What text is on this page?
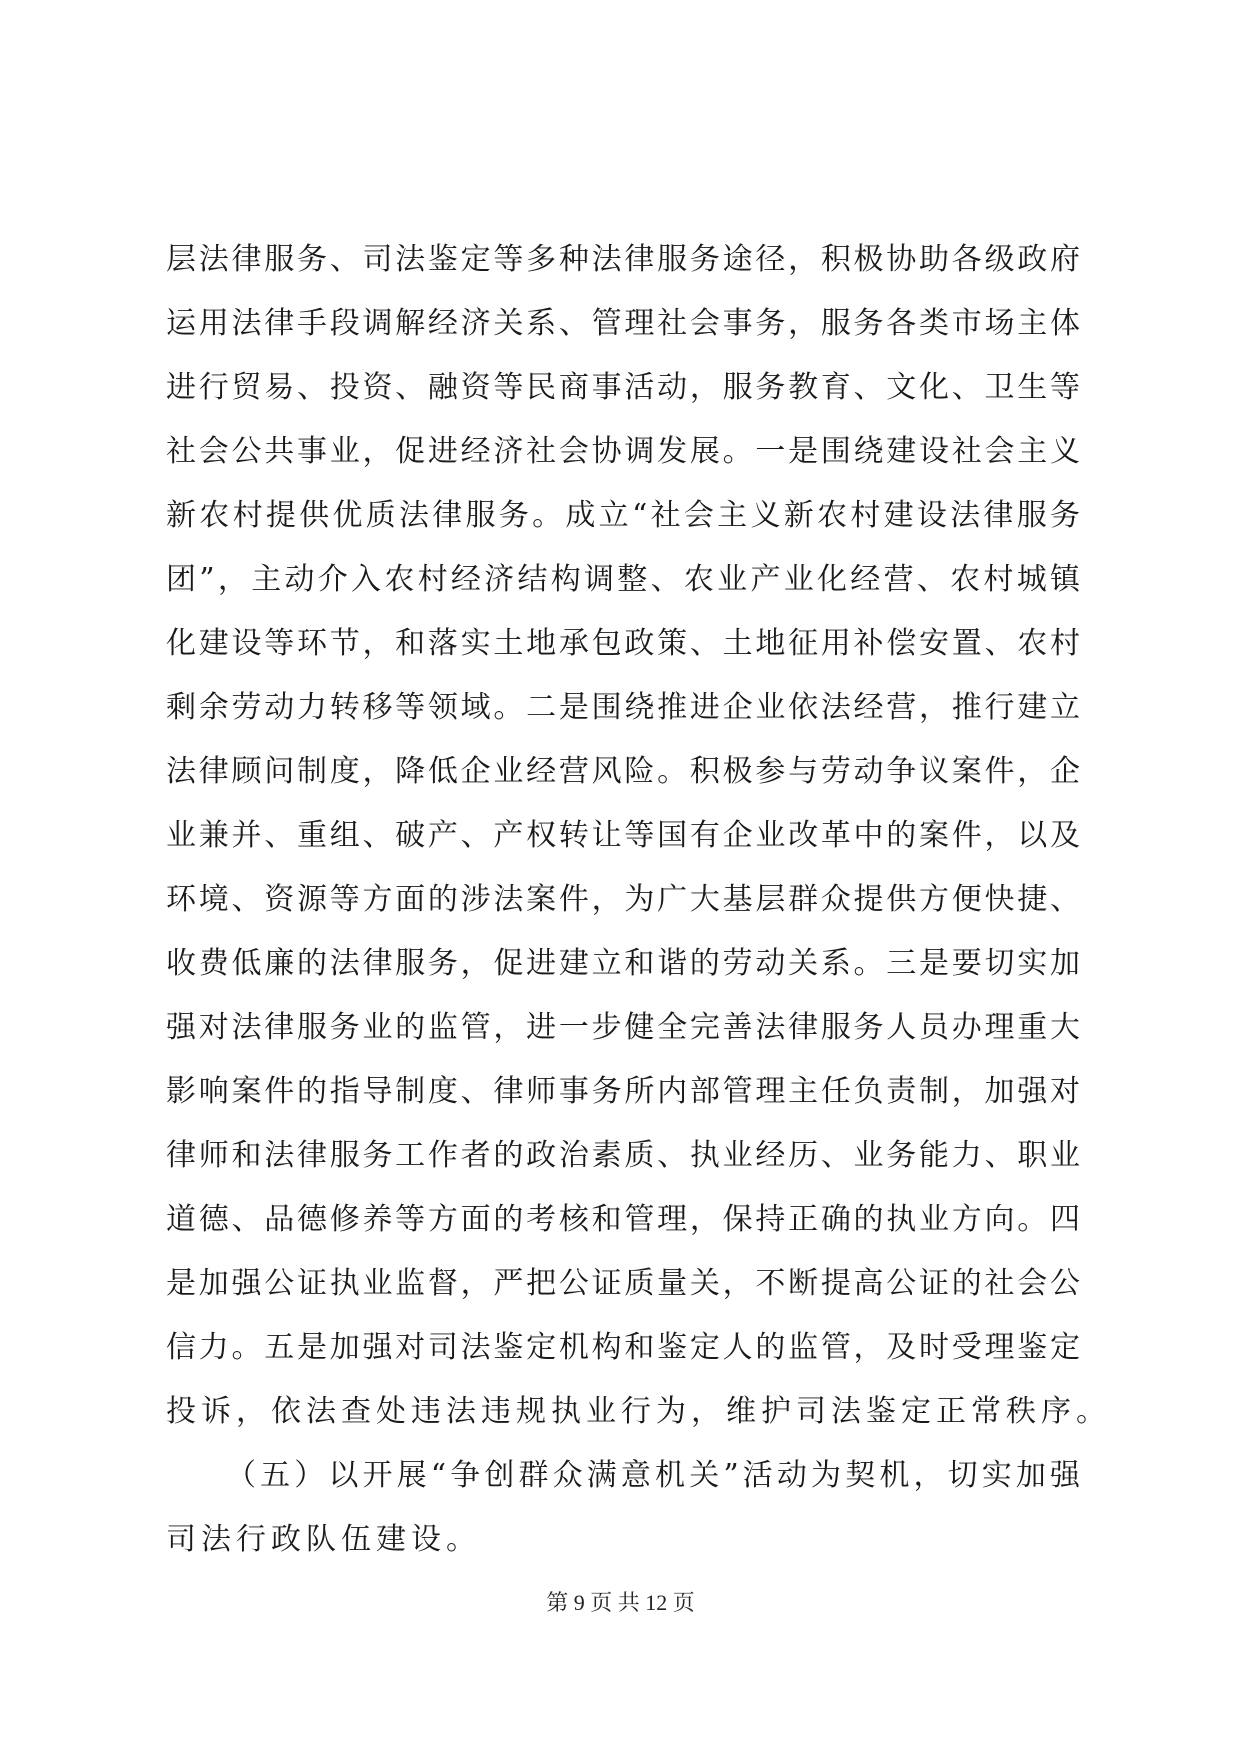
层法律服务、司法鉴定等多种法律服务途径，积极协助各级政府
运用法律手段调解经济关系、管理社会事务，服务各类市场主体
进行贸易、投资、融资等民商事活动，服务教育、文化、卫生等
社会公共事业，促进经济社会协调发展。一是围绕建设社会主义
新农村提供优质法律服务。成立“社会主义新农村建设法律服务
团”，主动介入农村经济结构调整、农业产业化经营、农村城镇
化建设等环节，和落实土地承包政策、土地征用补偿安置、农村
剩余劳动力转移等领域。二是围绕推进企业依法经营，推行建立
法律顾问制度，降低企业经营风险。积极参与劳动争议案件，企
业兼并、重组、破产、产权转让等国有企业改革中的案件，以及
环境、资源等方面的涉法案件，为广大基层群众提供方便快捷、
收费低廉的法律服务，促进建立和谐的劳动关系。三是要切实加
强对法律服务业的监管，进一步健全完善法律服务人员办理重大
影响案件的指导制度、律师事务所内部管理主任负责制，加强对
律师和法律服务工作者的政治素质、执业经历、业务能力、职业
道德、品德修养等方面的考核和管理，保持正确的执业方向。四
是加强公证执业监督，严把公证质量关，不断提高公证的社会公
信力。五是加强对司法鉴定机构和鉴定人的监管，及时受理鉴定
投诉，依法查处违法违规执业行为，维护司法鉴定正常秩序。
（五）以开展“争创群众满意机关”活动为契机，切实加强
司法行政队伍建设。
第 9 页 共 12 页
